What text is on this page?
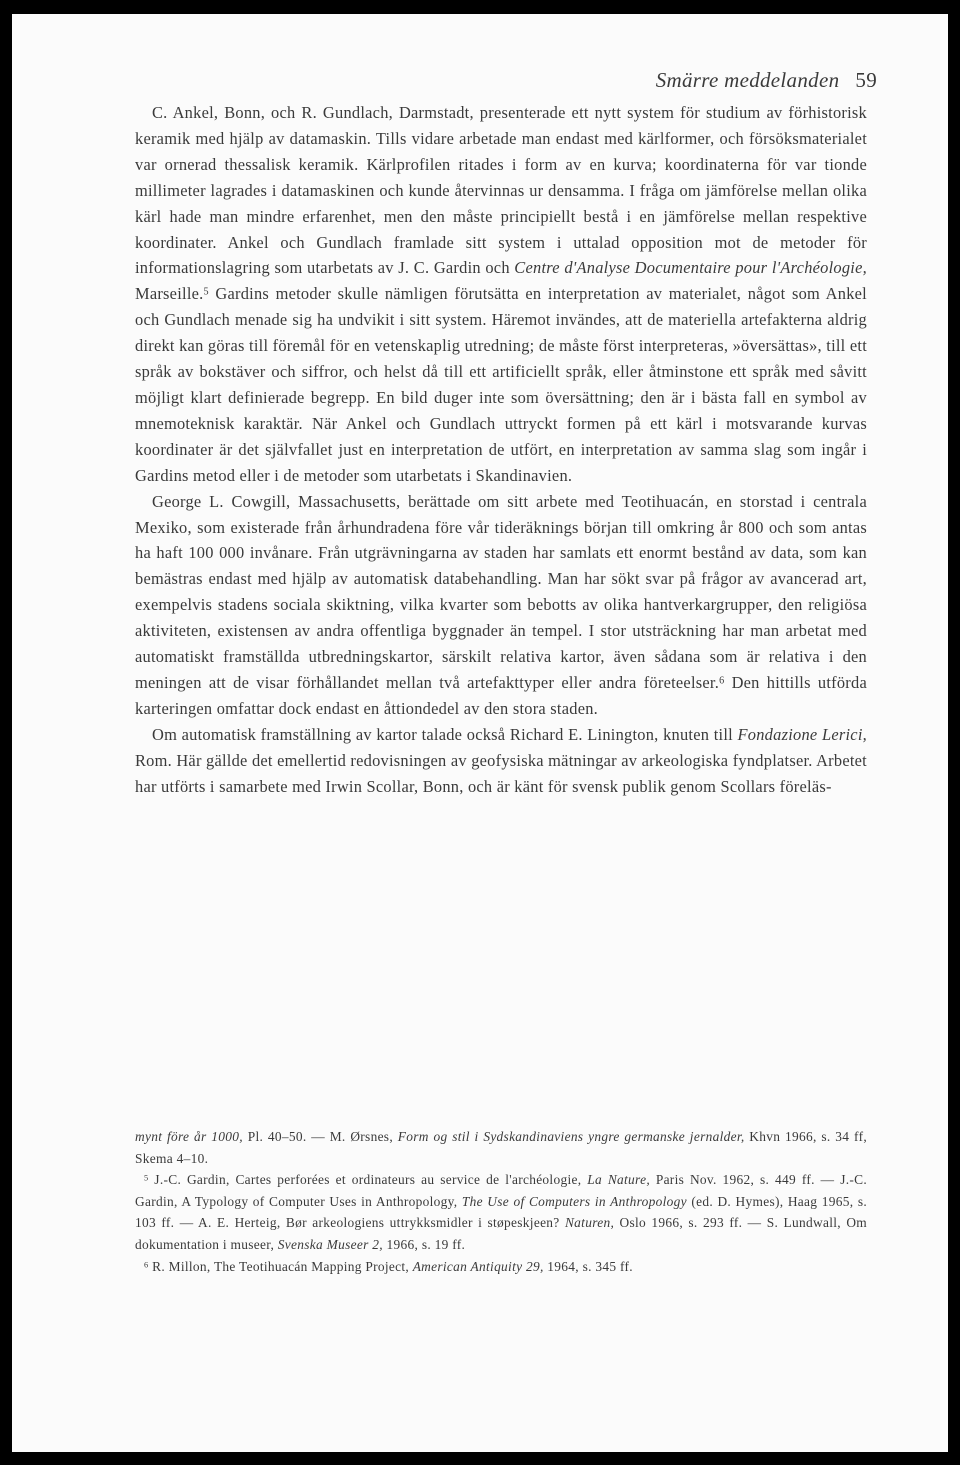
Smärre meddelanden 59

C. Ankel, Bonn, och R. Gundlach, Darmstadt, presenterade ett nytt system för studium av förhistorisk keramik med hjälp av datamaskin. Tills vidare arbetade man endast med kärlformer, och försöksmaterialet var ornerad thessalisk keramik. Kärlprofilen ritades i form av en kurva; koordinaterna för var tionde millimeter lagrades i datamaskinen och kunde återvinnas ur densamma. I fråga om jämförelse mellan olika kärl hade man mindre erfarenhet, men den måste principiellt bestå i en jämförelse mellan respektive koordinater. Ankel och Gundlach framlade sitt system i uttalad opposition mot de metoder för informationslagring som utarbetats av J. C. Gardin och Centre d'Analyse Documentaire pour l'Archéologie, Marseille.$^5$ Gardins metoder skulle nämligen förutsätta en interpretation av materialet, något som Ankel och Gundlach menade sig ha undvikit i sitt system. Häremot invändes, att de materiella artefakterna aldrig direkt kan göras till föremål för en vetenskaplig utredning; de måste först interpreteras, »översättas», till ett språk av bokstäver och siffror, och helst då till ett artificiellt språk, eller åtminstone ett språk med såvitt möjligt klart definierade begrepp. En bild duger inte som översättning; den är i bästa fall en symbol av mnemoteknisk karaktär. När Ankel och Gundlach uttryckt formen på ett kärl i motsvarande kurvas koordinater är det självfallet just en interpretation de utfört, en interpretation av samma slag som ingår i Gardins metod eller i de metoder som utarbetats i Skandinavien.

George L. Cowgill, Massachusetts, berättade om sitt arbete med Teotihuacán, en storstad i centrala Mexiko, som existerade från århundradena före vår tideräknings början till omkring år 800 och som antas ha haft 100 000 invånare. Från utgrävningarna av staden har samlats ett enormt bestånd av data, som kan bemästras endast med hjälp av automatisk databehandling. Man har sökt svar på frågor av avancerad art, exempelvis stadens sociala skiktning, vilka kvarter som bebotts av olika hantverkargrupper, den religiösa aktiviteten, existensen av andra offentliga byggnader än tempel. I stor utsträckning har man arbetat med automatiskt framställda utbredningskartor, särskilt relativa kartor, även sådana som är relativa i den meningen att de visar förhållandet mellan två artefakttyper eller andra företeelser.$^6$ Den hittills utförda karteringen omfattar dock endast en åttiondedel av den stora staden.

Om automatisk framställning av kartor talade också Richard E. Linington, knuten till Fondazione Lerici, Rom. Här gällde det emellertid redovisningen av geofysiska mätningar av arkeologiska fyndplatser. Arbetet har utförts i samarbete med Irwin Scollar, Bonn, och är känt för svensk publik genom Scollars föreläs-

mynt före år 1000, Pl. 40–50. — M. Ørsnes, Form og stil i Sydskandinaviens yngre germanske jernalder, Khvn 1966, s. 34 ff, Skema 4–10.

$^5$ J.-C. Gardin, Cartes perforées et ordinateurs au service de l'archéologie, La Nature, Paris Nov. 1962, s. 449 ff. — J.-C. Gardin, A Typology of Computer Uses in Anthropology, The Use of Computers in Anthropology (ed. D. Hymes), Haag 1965, s. 103 ff. — A. E. Herteig, Bør arkeologiens uttrykksmidler i støpeskjeen? Naturen, Oslo 1966, s. 293 ff. — S. Lundwall, Om dokumentation i museer, Svenska Museer 2, 1966, s. 19 ff.

$^6$ R. Millon, The Teotihuacán Mapping Project, American Antiquity 29, 1964, s. 345 ff.
